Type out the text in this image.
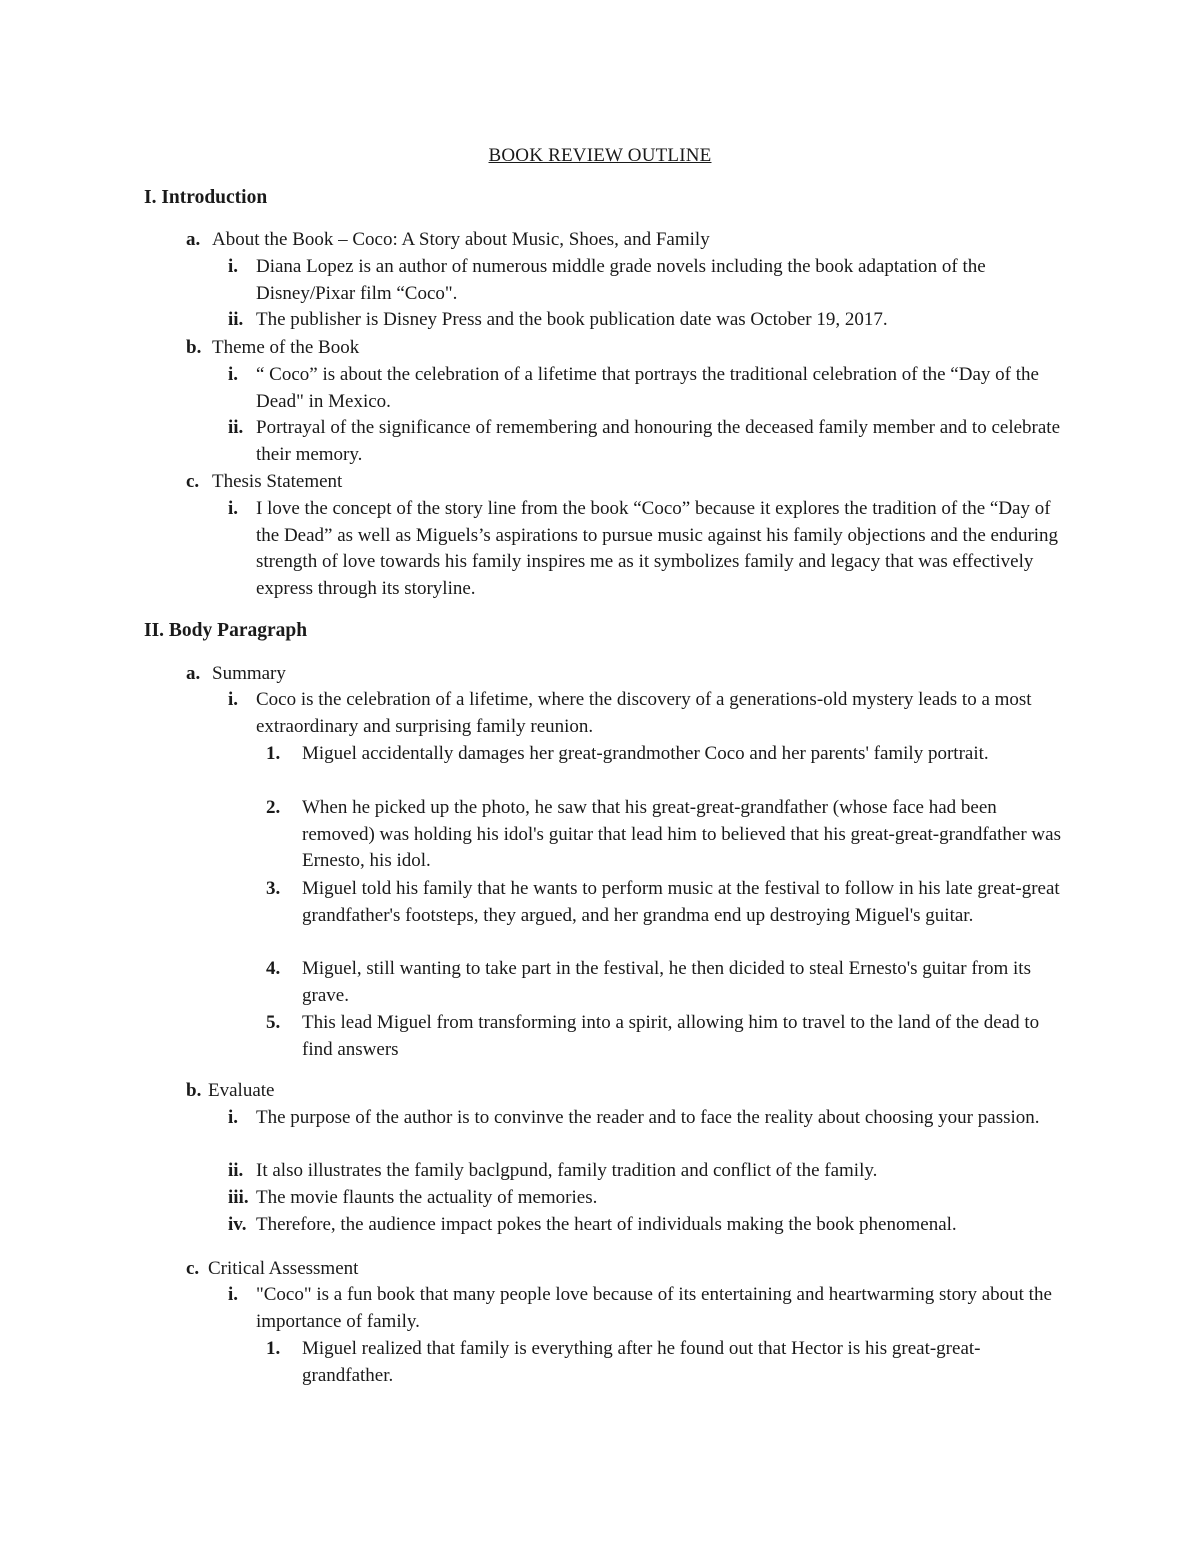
BOOK REVIEW OUTLINE
I. Introduction
a. About the Book – Coco: A Story about Music, Shoes, and Family
i. Diana Lopez is an author of numerous middle grade novels including the book adaptation of the Disney/Pixar film “Coco".
ii. The publisher is Disney Press and the book publication date was October 19, 2017.
b. Theme of the Book
i. “ Coco” is about the celebration of a lifetime that portrays the traditional celebration of the “Day of the Dead" in Mexico.
ii. Portrayal of the significance of remembering and honouring the deceased family member and to celebrate their memory.
c. Thesis Statement
i. I love the concept of the story line from the book “Coco” because it explores the tradition of the “Day of the Dead” as well as Miguels’s aspirations to pursue music against his family objections and the enduring strength of love towards his family inspires me as it symbolizes family and legacy that was effectively express through its storyline.
II. Body Paragraph
a. Summary
i. Coco is the celebration of a lifetime, where the discovery of a generations-old mystery leads to a most extraordinary and surprising family reunion.
1.	Miguel accidentally damages her great-grandmother Coco and her parents' family portrait.
2.	When he picked up the photo, he saw that his great-great-grandfather (whose face had been removed) was holding his idol's guitar that lead him to believed that his great-great-grandfather was Ernesto, his idol.
3.	Miguel told his family that he wants to perform music at the festival to follow in his late great-great grandfather's footsteps, they argued, and her grandma end up destroying Miguel's guitar.
4.	Miguel, still wanting to take part in the festival, he then dicided to steal Ernesto's guitar from its grave.
5.	This lead Miguel from transforming into a spirit, allowing him to travel to the land of the dead to find answers
b. Evaluate
i. The purpose of the author is to convinve the reader and to face the reality about choosing your passion.
ii. It also illustrates the family baclgpund, family tradition and conflict of the family.
iii. The movie flaunts the actuality of memories.
iv. Therefore, the audience impact pokes the heart of individuals making the book phenomenal.
c. Critical Assessment
i. "Coco" is a fun book that many people love because of its entertaining and heartwarming story about the importance of family.
1.	Miguel realized that family is everything after he found out that Hector is his great-great-grandfather.
